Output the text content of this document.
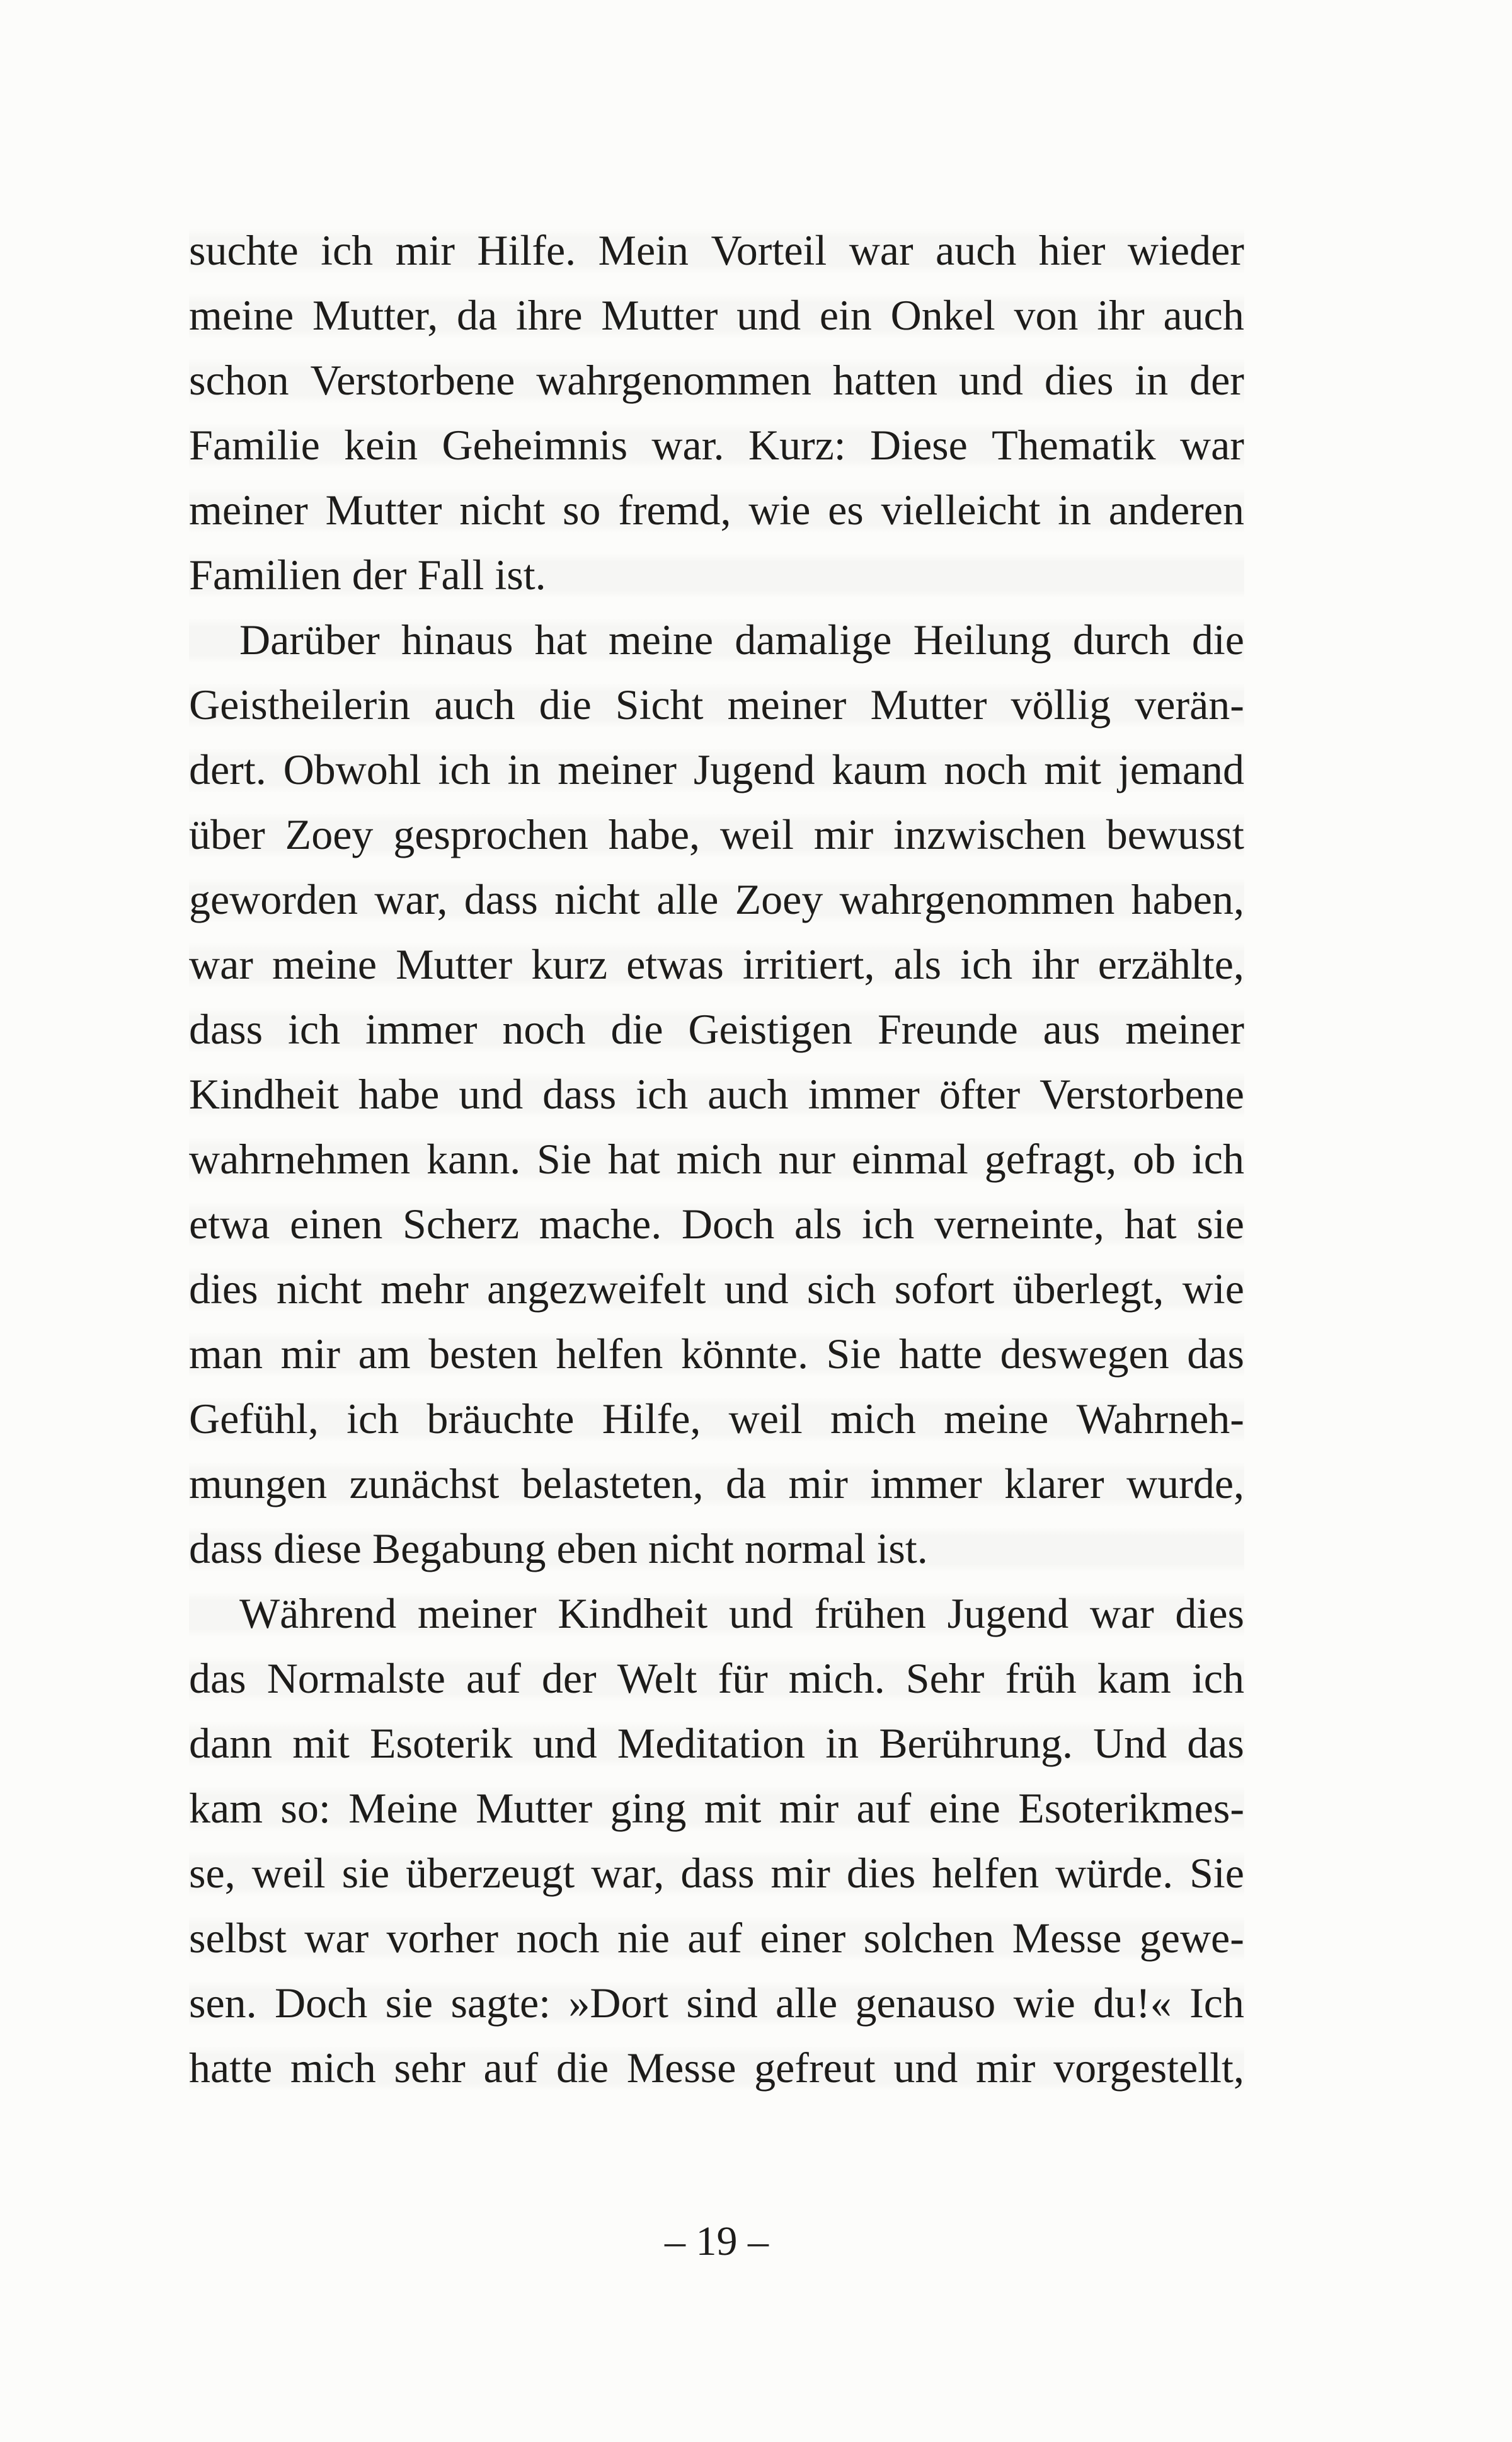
suchte ich mir Hilfe. Mein Vorteil war auch hier wieder
meine Mutter, da ihre Mutter und ein Onkel von ihr auch
schon Verstorbene wahrgenommen hatten und dies in der
Familie kein Geheimnis war. Kurz: Diese Thematik war
meiner Mutter nicht so fremd, wie es vielleicht in anderen
Familien der Fall ist.
Darüber hinaus hat meine damalige Heilung durch die
Geistheilerin auch die Sicht meiner Mutter völlig verän-
dert. Obwohl ich in meiner Jugend kaum noch mit jemand
über Zoey gesprochen habe, weil mir inzwischen bewusst
geworden war, dass nicht alle Zoey wahrgenommen haben,
war meine Mutter kurz etwas irritiert, als ich ihr erzählte,
dass ich immer noch die Geistigen Freunde aus meiner
Kindheit habe und dass ich auch immer öfter Verstorbene
wahrnehmen kann. Sie hat mich nur einmal gefragt, ob ich
etwa einen Scherz mache. Doch als ich verneinte, hat sie
dies nicht mehr angezweifelt und sich sofort überlegt, wie
man mir am besten helfen könnte. Sie hatte deswegen das
Gefühl, ich bräuchte Hilfe, weil mich meine Wahrneh-
mungen zunächst belasteten, da mir immer klarer wurde,
dass diese Begabung eben nicht normal ist.
Während meiner Kindheit und frühen Jugend war dies
das Normalste auf der Welt für mich. Sehr früh kam ich
dann mit Esoterik und Meditation in Berührung. Und das
kam so: Meine Mutter ging mit mir auf eine Esoterikmes-
se, weil sie überzeugt war, dass mir dies helfen würde. Sie
selbst war vorher noch nie auf einer solchen Messe gewe-
sen. Doch sie sagte: »Dort sind alle genauso wie du!« Ich
hatte mich sehr auf die Messe gefreut und mir vorgestellt,
– 19 –
